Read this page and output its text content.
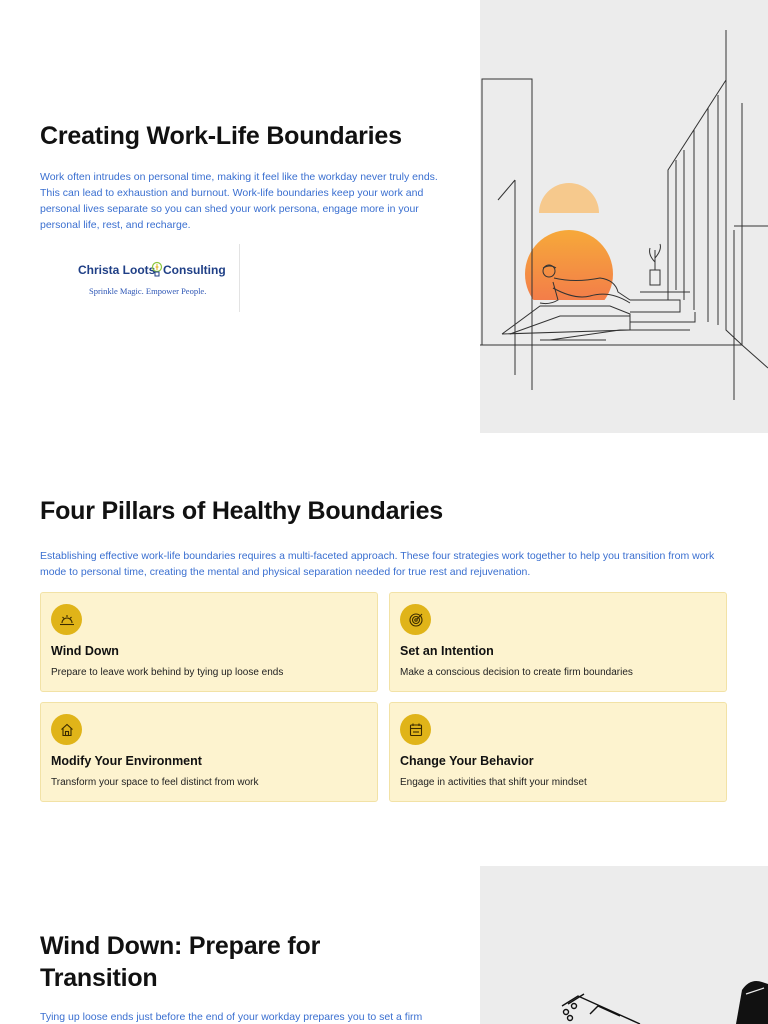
Creating Work-Life Boundaries

Work often intrudes on personal time, making it feel like the workday never truly ends. This can lead to exhaustion and burnout. Work-life boundaries keep your work and personal lives separate so you can shed your work persona, engage more in your personal life, rest, and recharge.

Christa Loots Consulting
Sprinkle Magic. Empower People.
Four Pillars of Healthy Boundaries

Establishing effective work-life boundaries requires a multi-faceted approach. These four strategies work together to help you transition from work mode to personal time, creating the mental and physical separation needed for true rest and rejuvenation.

Wind Down
Prepare to leave work behind by tying up loose ends
Set an Intention
Make a conscious decision to create firm boundaries
Modify Your Environment
Transform your space to feel distinct from work
Change Your Behavior
Engage in activities that shift your mindset
Wind Down: Prepare for Transition

Tying up loose ends just before the end of your workday prepares you to set a firm
